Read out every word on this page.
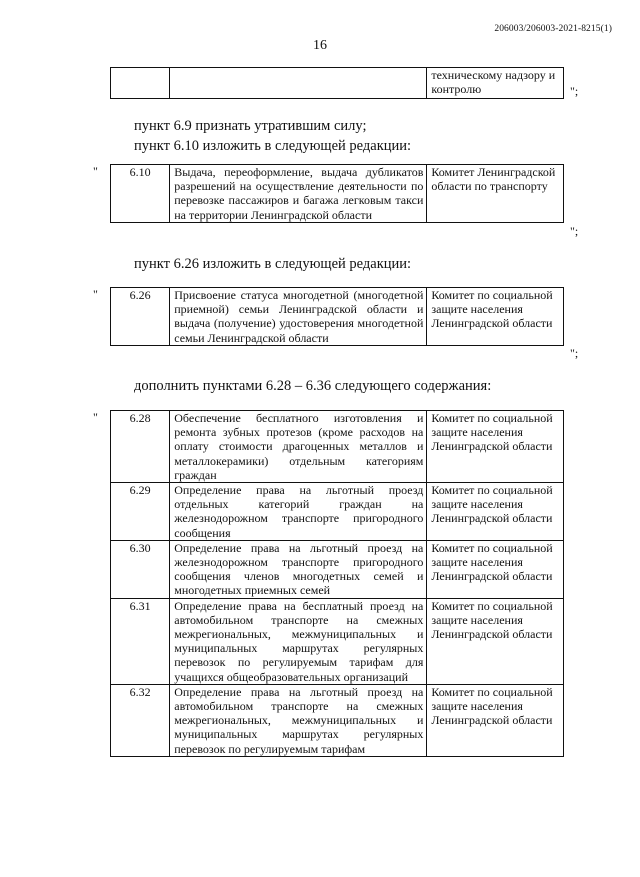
206003/206003-2021-8215(1)
16
		техническому надзору и контролю	";
пункт 6.9 признать утратившим силу;
пункт 6.10 изложить в следующей редакции:
"	6.10	Выдача, переоформление, выдача дубликатов разрешений на осуществление деятельности по перевозке пассажиров и багажа легковым такси на территории Ленинградской области	Комитет Ленинградской области по транспорту
";
пункт 6.26 изложить в следующей редакции:
"	6.26	Присвоение статуса многодетной (многодетной приемной) семьи Ленинградской области и выдача (получение) удостоверения многодетной семьи Ленинградской области	Комитет по социальной защите населения Ленинградской области
";
дополнить пунктами 6.28 – 6.36 следующего содержания:
"	6.28	Обеспечение бесплатного изготовления и ремонта зубных протезов (кроме расходов на оплату стоимости драгоценных металлов и металлокерамики) отдельным категориям граждан	Комитет по социальной защите населения Ленинградской области
6.29	Определение права на льготный проезд отдельных категорий граждан на железнодорожном транспорте пригородного сообщения	Комитет по социальной защите населения Ленинградской области
6.30	Определение права на льготный проезд на железнодорожном транспорте пригородного сообщения членов многодетных семей и многодетных приемных семей	Комитет по социальной защите населения Ленинградской области
6.31	Определение права на бесплатный проезд на автомобильном транспорте на смежных межрегиональных, межмуниципальных и муниципальных маршрутах регулярных перевозок по регулируемым тарифам для учащихся общеобразовательных организаций	Комитет по социальной защите населения Ленинградской области
6.32	Определение права на льготный проезд на автомобильном транспорте на смежных межрегиональных, межмуниципальных и муниципальных маршрутах регулярных перевозок по регулируемым тарифам	Комитет по социальной защите населения Ленинградской области
